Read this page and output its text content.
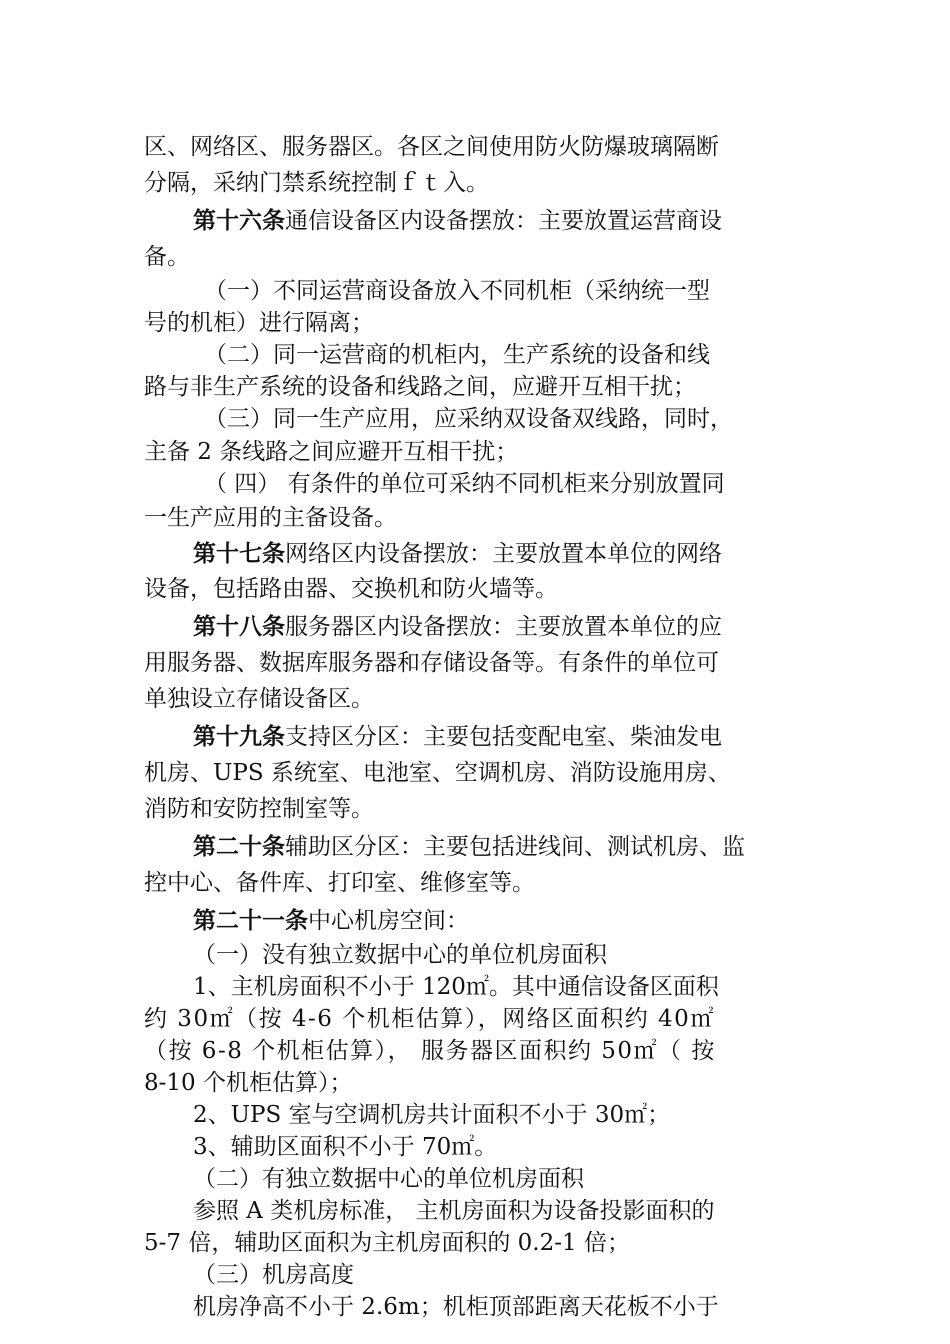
区、网络区、服务器区。各区之间使用防火防爆玻璃隔断

分隔，采纳门禁系统控制ｆｔ入。

第十六条通信设备区内设备摆放：主要放置运营商设

备。

（一）不同运营商设备放入不同机柜（采纳统一型

号的机柜）进行隔离；

（二）同一运营商的机柜内，生产系统的设备和线

路与非生产系统的设备和线路之间，应避开互相干扰；

（三）同一生产应用，应采纳双设备双线路，同时，

主备 2 条线路之间应避开互相干扰；

（ 四） 有条件的单位可采纳不同机柜来分别放置同

一生产应用的主备设备。

第十七条网络区内设备摆放：主要放置本单位的网络

设备，包括路由器、交换机和防火墙等。

第十八条服务器区内设备摆放：主要放置本单位的应

用服务器、数据库服务器和存储设备等。有条件的单位可

单独设立存储设备区。

第十九条支持区分区：主要包括变配电室、柴油发电

机房、UPS 系统室、电池室、空调机房、消防设施用房、

消防和安防控制室等。

第二十条辅助区分区：主要包括进线间、测试机房、监

控中心、备件库、打印室、维修室等。

第二十一条中心机房空间：

（一）没有独立数据中心的单位机房面积

1、主机房面积不小于 120㎡。其中通信设备区面积

约 30㎡（按 4-6 个机柜估算），网络区面积约 40㎡

（按 6-8 个机柜估算）， 服务器区面积约 50㎡（ 按

8-10 个机柜估算）；

2、UPS 室与空调机房共计面积不小于 30㎡；

3、辅助区面积不小于 70㎡。

（二）有独立数据中心的单位机房面积

参照 A 类机房标准， 主机房面积为设备投影面积的

5-7 倍，辅助区面积为主机房面积的 0.2-1 倍；

（三）机房高度

机房净高不小于 2.6m；机柜顶部距离天花板不小于
